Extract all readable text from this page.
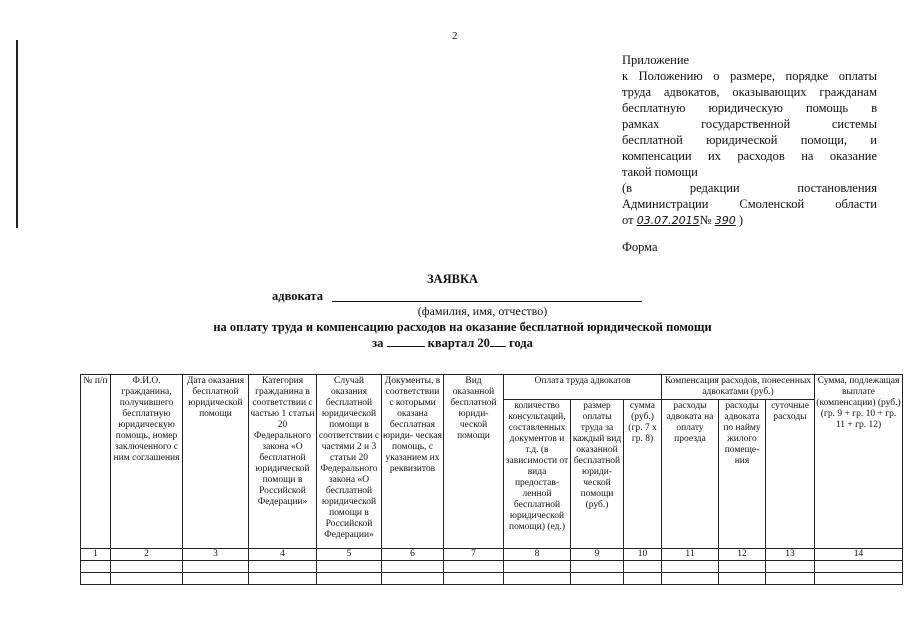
2
Приложение
к Положению о размере, порядке оплаты
труда адвокатов, оказывающих гражданам
бесплатную юридическую помощь в
рамках государственной системы
бесплатной юридической помощи, и
компенсации их расходов на оказание
такой помощи
(в редакции постановления
Администрации Смоленской области
от 03.07.2015№ 390 )
Форма
ЗАЯВКА
адвоката
(фамилия, имя, отчество)
на оплату труда и компенсацию расходов на оказание бесплатной юридической помощи
за	квартал 20 года
№ п/п	Ф.И.О. гражданина, получившего бесплатную юридическую помощь, номер заключенного с ним соглашения	Дата оказания бесплатной юридической помощи	Категория гражданина в соответствии с частью 1 статьи 20 Федерального закона «О бесплатной юридической помощи в Российской Федерации»	Случай оказания бесплатной юридической помощи в соответствии с частями 2 и 3 статьи 20 Федерального закона «О бесплатной юридической помощи в Российской Федерации»	Документы, в соответствии с которыми оказана бесплатная юриди- ческая помощь, с указанием их реквизитов	Вид оказанной бесплатной юриди- ческой помощи	Оплата труда адвокатов			Компенсация расходов, понесенных адвокатами (руб.)			Сумма, подлежащая выплате (компенсации) (руб.) (гр. 9 + гр. 10 + гр. 11 + гр. 12)
							количество консультаций, составленных документов и т.д. (в зависимости от вида предостав- ленной бесплатной юридической помощи) (ед.)	размер оплаты труда за каждый вид оказанной бесплатной юриди- ческой помощи (руб.)	сумма (руб.) (гр. 7 х гр. 8)	расходы адвоката на оплату проезда	расходы адвоката по найму жилого помеще- ния	суточные расходы	
1	2	3	4	5	6	7	8	9	10	11	12	13	14
